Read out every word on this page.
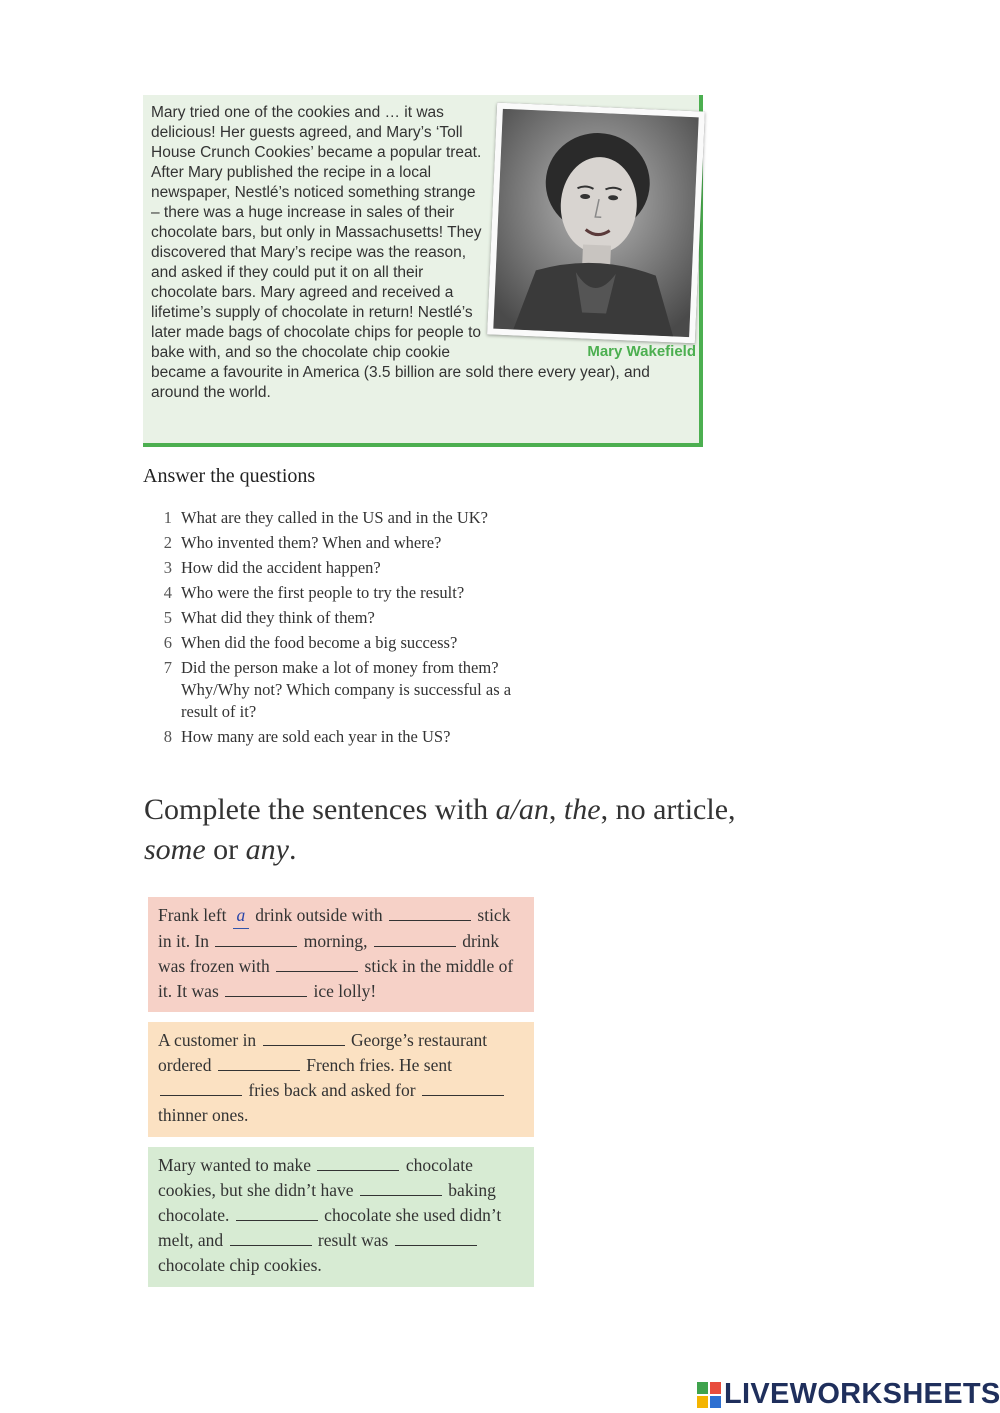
Mary Wakefield

Mary tried one of the cookies and … it was delicious! Her guests agreed, and Mary’s ‘Toll House Crunch Cookies’ became a popular treat. After Mary published the recipe in a local newspaper, Nestlé’s noticed something strange – there was a huge increase in sales of their chocolate bars, but only in Massachusetts! They discovered that Mary’s recipe was the reason, and asked if they could put it on all their chocolate bars. Mary agreed and received a lifetime’s supply of chocolate in return! Nestlé’s later made bags of chocolate chips for people to bake with, and so the chocolate chip cookie became a favourite in America (3.5 billion are sold there every year), and around the world.

Answer the questions
1 What are they called in the US and in the UK?
2 Who invented them? When and where?
3 How did the accident happen?
4 Who were the first people to try the result?
5 What did they think of them?
6 When did the food become a big success?
7 Did the person make a lot of money from them? Why/Why not? Which company is successful as a result of it?
8 How many are sold each year in the US?
Complete the sentences with a/an, the, no article, some or any.

Frank left a drink outside with	stick in it. In	morning,	drink was frozen with	stick in the middle of it. It was	ice lolly!

A customer in	George’s restaurant ordered	French fries. He sent  fries back and asked for  thinner ones.

Mary wanted to make	chocolate cookies, but she didn’t have	baking chocolate.	chocolate she used didn’t melt, and	result was  chocolate chip cookies.

LIVEWORKSHEETS
